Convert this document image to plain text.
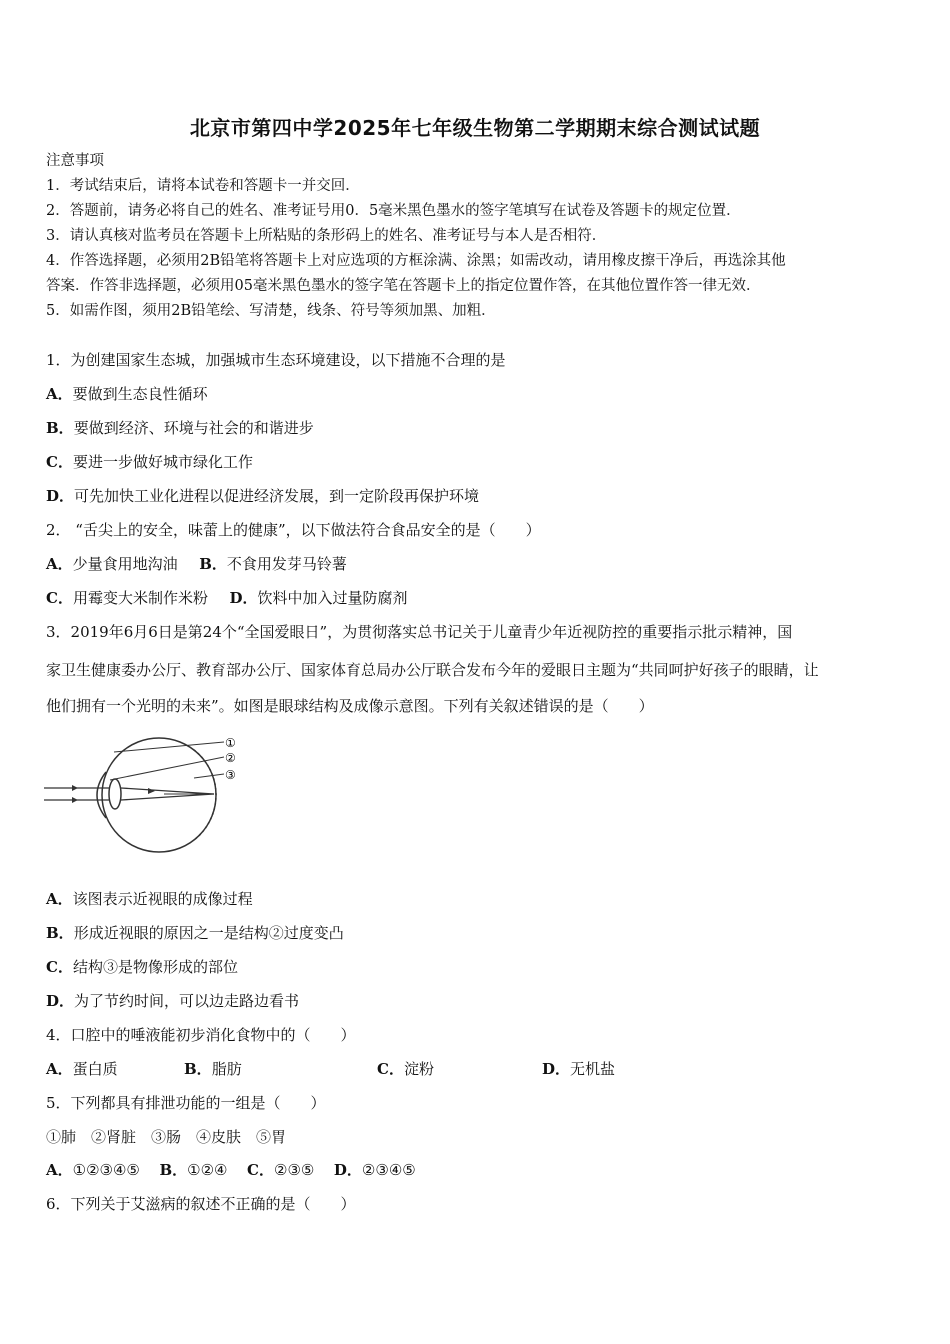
北京市第四中学2025年七年级生物第二学期期末综合测试试题
注意事项
1．考试结束后，请将本试卷和答题卡一并交回．
2．答题前，请务必将自己的姓名、准考证号用0．5毫米黑色墨水的签字笔填写在试卷及答题卡的规定位置．
3．请认真核对监考员在答题卡上所粘贴的条形码上的姓名、准考证号与本人是否相符．
4．作答选择题，必须用2B铅笔将答题卡上对应选项的方框涂满、涂黑；如需改动，请用橡皮擦干净后，再选涂其他
答案．作答非选择题，必须用05毫米黑色墨水的签字笔在答题卡上的指定位置作答，在其他位置作答一律无效．
5．如需作图，须用2B铅笔绘、写清楚，线条、符号等须加黑、加粗．
1．为创建国家生态城，加强城市生态环境建设，以下措施不合理的是
A．要做到生态良性循环
B．要做到经济、环境与社会的和谐进步
C．要进一步做好城市绿化工作
D．可先加快工业化进程以促进经济发展，到一定阶段再保护环境
2． “舌尖上的安全，味蕾上的健康”，以下做法符合食品安全的是（　　）
A．少量食用地沟油 B．不食用发芽马铃薯
C．用霉变大米制作米粉 D．饮料中加入过量防腐剂
3．2019年6月6日是第24个“全国爱眼日”，为贯彻落实总书记关于儿童青少年近视防控的重要指示批示精神，国
家卫生健康委办公厅、教育部办公厅、国家体育总局办公厅联合发布今年的爱眼日主题为“共同呵护好孩子的眼睛，让
他们拥有一个光明的未来”。如图是眼球结构及成像示意图。下列有关叙述错误的是（　　）
①
②
③
A．该图表示近视眼的成像过程
B．形成近视眼的原因之一是结构②过度变凸
C．结构③是物像形成的部位
D．为了节约时间，可以边走路边看书
4．口腔中的唾液能初步消化食物中的（　　）
A．蛋白质	B．脂肪	C．淀粉	D．无机盐
5．下列都具有排泄功能的一组是（　　）
①肺　②肾脏　③肠　④皮肤　⑤胃
A．①②③④⑤ B．①②④ C．②③⑤ D．②③④⑤
6．下列关于艾滋病的叙述不正确的是（　　）
